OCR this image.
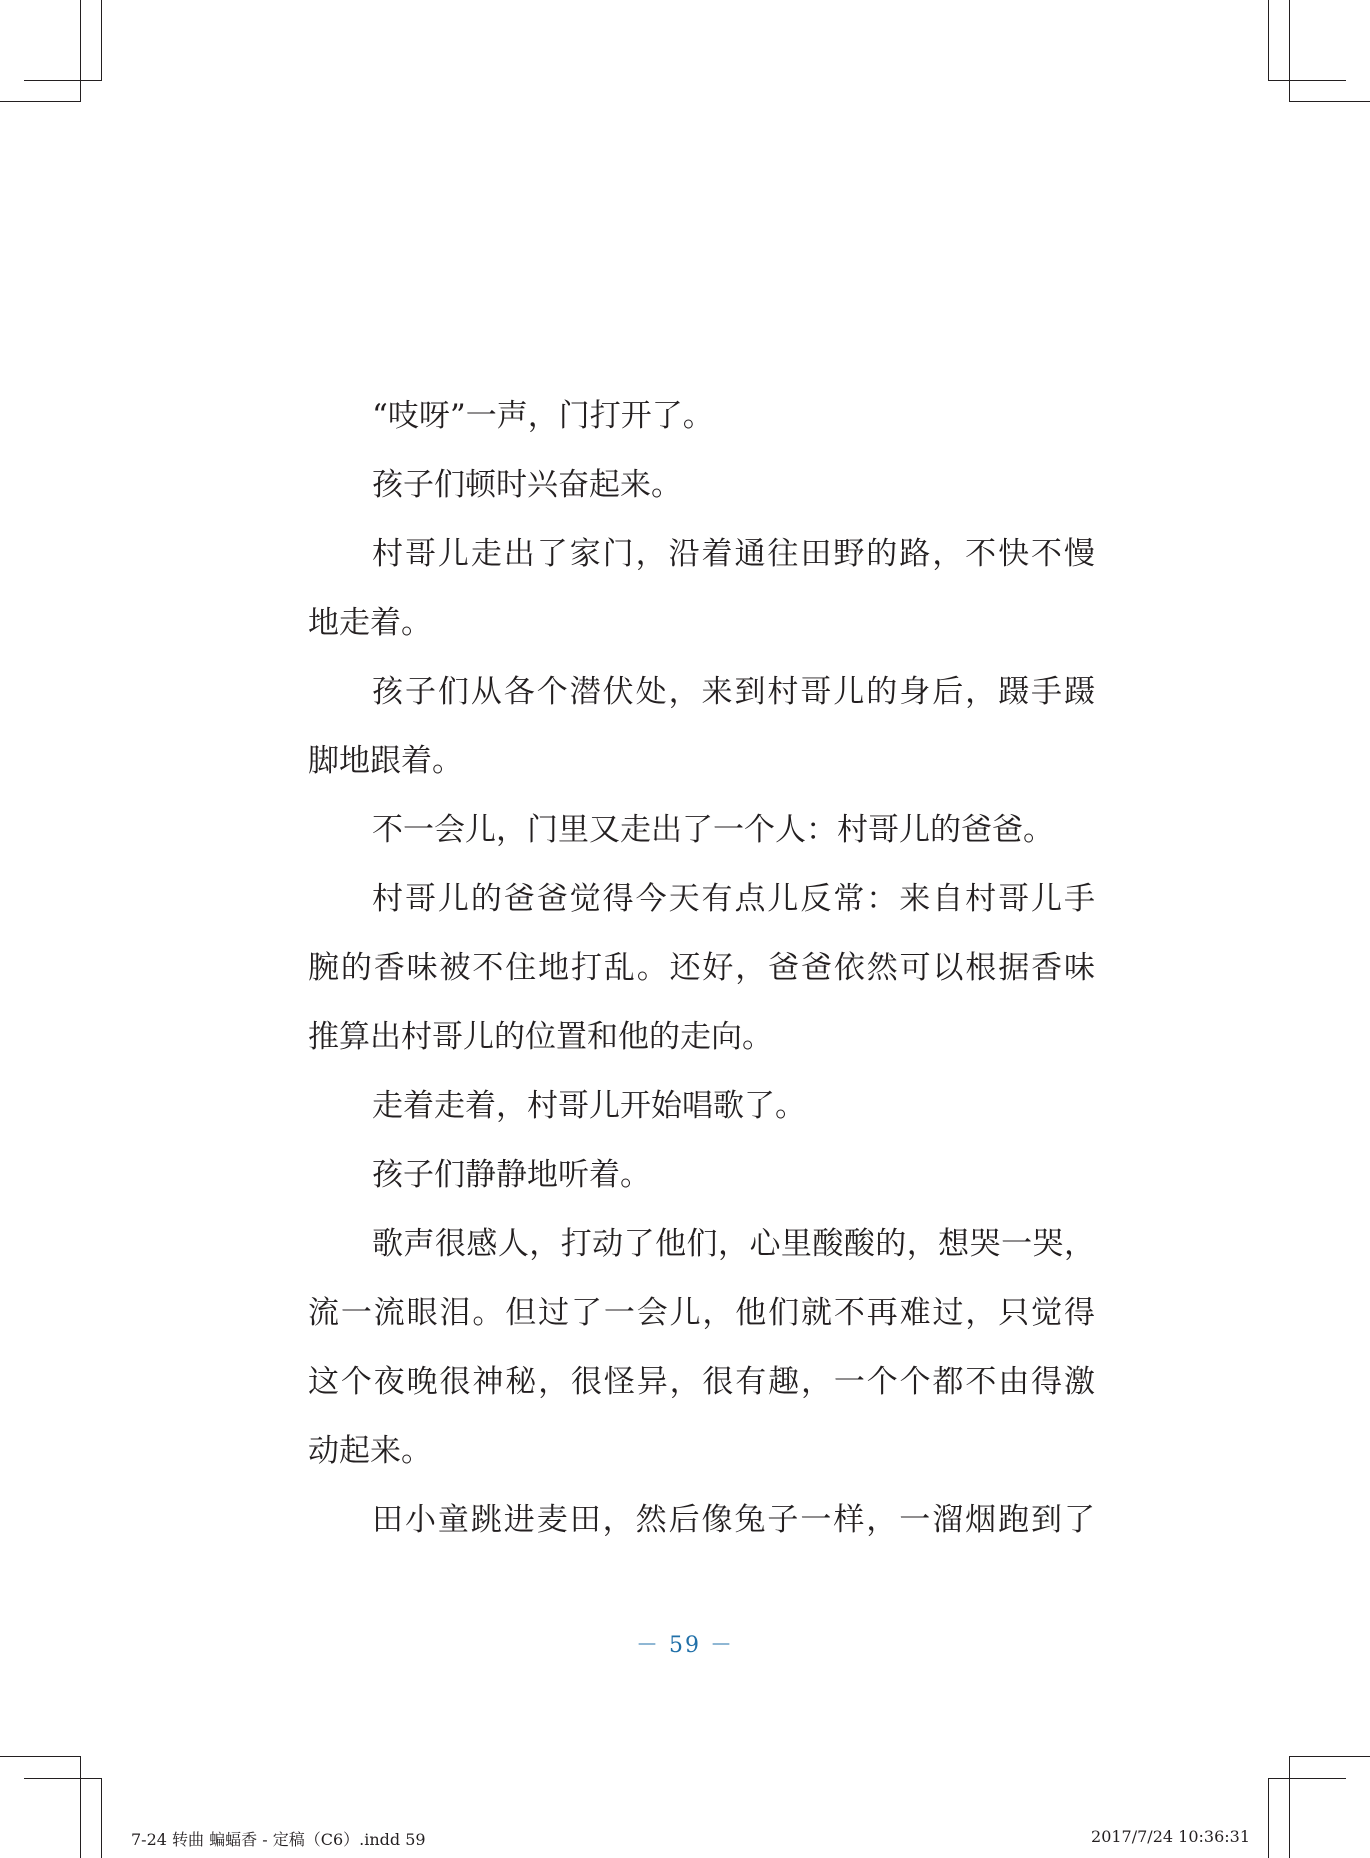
“吱呀”一声，门打开了。
孩子们顿时兴奋起来。
村哥儿走出了家门，沿着通往田野的路，不快不慢
地走着。
孩子们从各个潜伏处，来到村哥儿的身后，蹑手蹑
脚地跟着。
不一会儿，门里又走出了一个人：村哥儿的爸爸。
村哥儿的爸爸觉得今天有点儿反常：来自村哥儿手
腕的香味被不住地打乱。还好，爸爸依然可以根据香味
推算出村哥儿的位置和他的走向。
走着走着，村哥儿开始唱歌了。
孩子们静静地听着。
歌声很感人，打动了他们，心里酸酸的，想哭一哭，
流一流眼泪。但过了一会儿，他们就不再难过，只觉得
这个夜晚很神秘，很怪异，很有趣，一个个都不由得激
动起来。
田小童跳进麦田，然后像兔子一样，一溜烟跑到了
－ 59 －
7-24 转曲 蝙蝠香 - 定稿（C6）.indd 59	2017/7/24 10:36:31
